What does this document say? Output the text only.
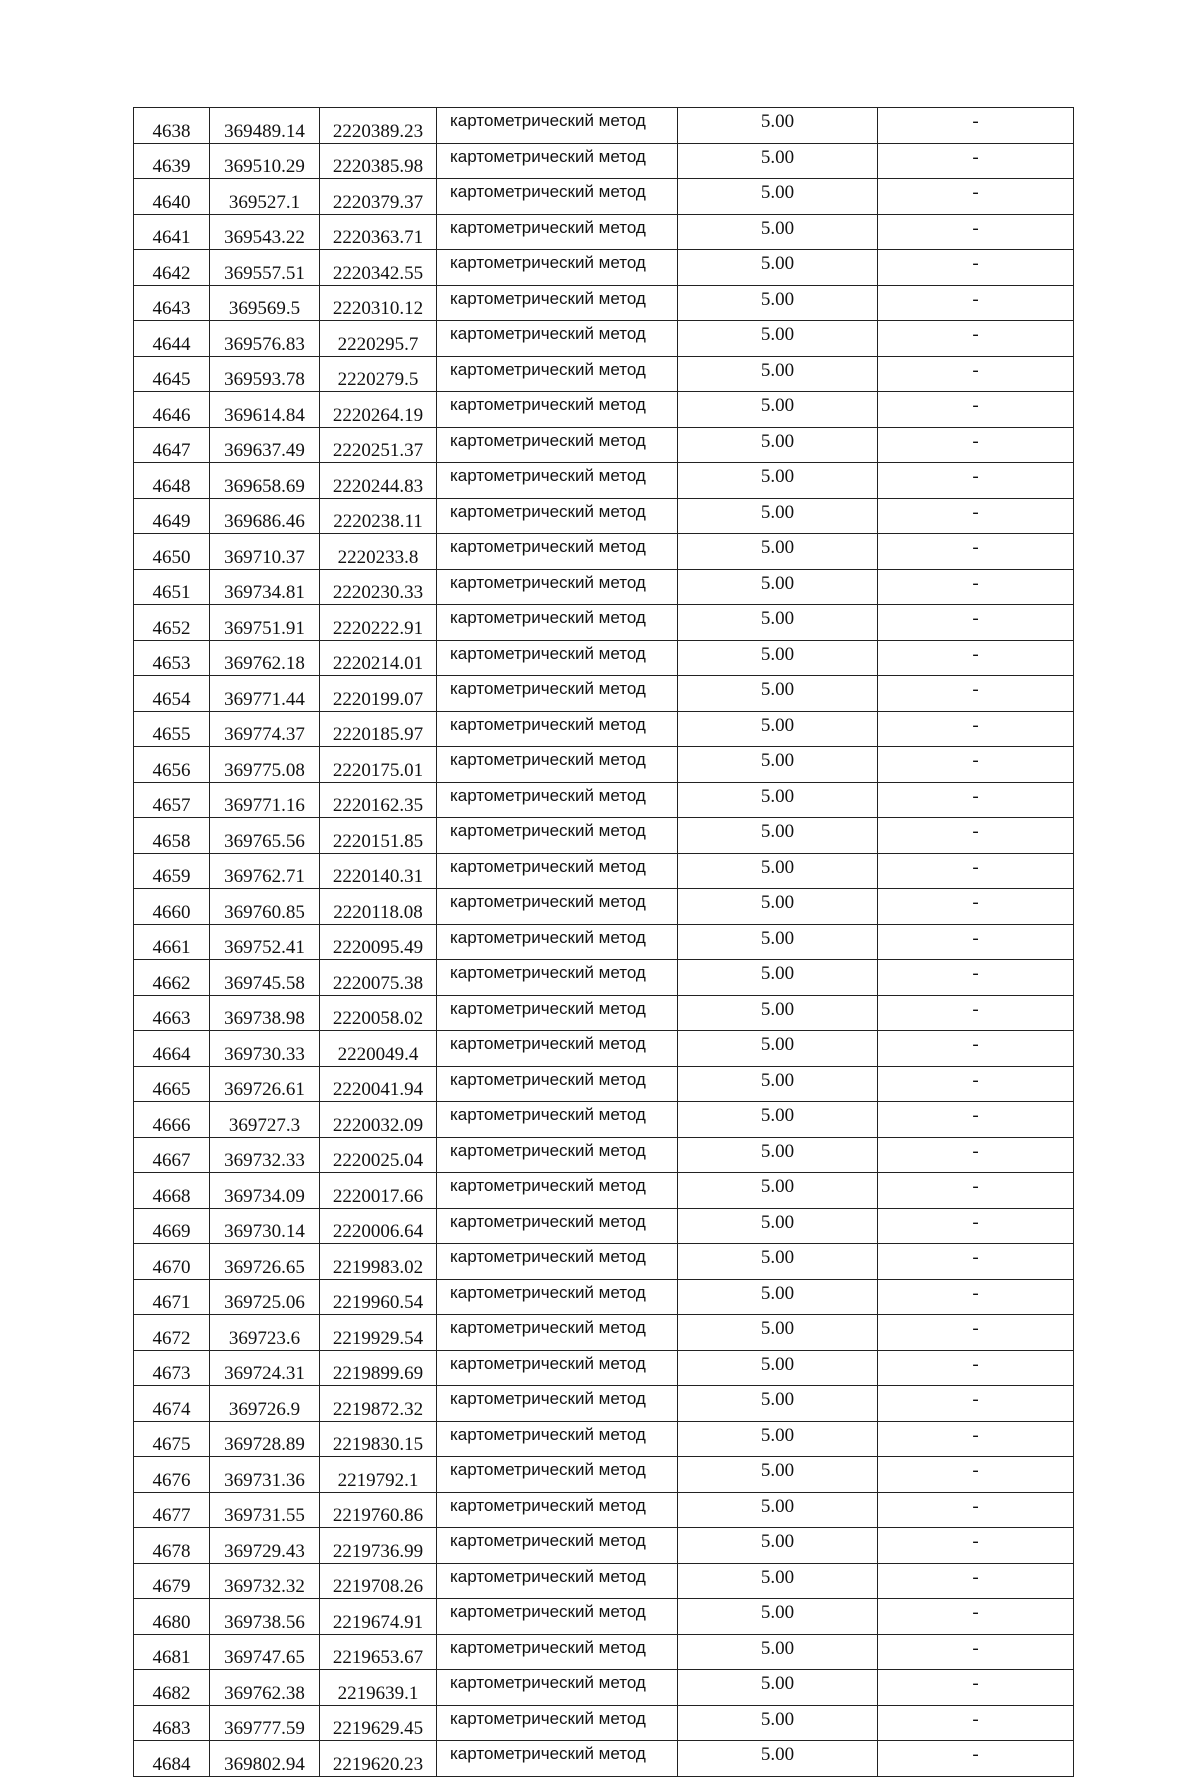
4638	369489.14	2220389.23	картометрический метод	5.00	-
4639	369510.29	2220385.98	картометрический метод	5.00	-
4640	369527.1	2220379.37	картометрический метод	5.00	-
4641	369543.22	2220363.71	картометрический метод	5.00	-
4642	369557.51	2220342.55	картометрический метод	5.00	-
4643	369569.5	2220310.12	картометрический метод	5.00	-
4644	369576.83	2220295.7	картометрический метод	5.00	-
4645	369593.78	2220279.5	картометрический метод	5.00	-
4646	369614.84	2220264.19	картометрический метод	5.00	-
4647	369637.49	2220251.37	картометрический метод	5.00	-
4648	369658.69	2220244.83	картометрический метод	5.00	-
4649	369686.46	2220238.11	картометрический метод	5.00	-
4650	369710.37	2220233.8	картометрический метод	5.00	-
4651	369734.81	2220230.33	картометрический метод	5.00	-
4652	369751.91	2220222.91	картометрический метод	5.00	-
4653	369762.18	2220214.01	картометрический метод	5.00	-
4654	369771.44	2220199.07	картометрический метод	5.00	-
4655	369774.37	2220185.97	картометрический метод	5.00	-
4656	369775.08	2220175.01	картометрический метод	5.00	-
4657	369771.16	2220162.35	картометрический метод	5.00	-
4658	369765.56	2220151.85	картометрический метод	5.00	-
4659	369762.71	2220140.31	картометрический метод	5.00	-
4660	369760.85	2220118.08	картометрический метод	5.00	-
4661	369752.41	2220095.49	картометрический метод	5.00	-
4662	369745.58	2220075.38	картометрический метод	5.00	-
4663	369738.98	2220058.02	картометрический метод	5.00	-
4664	369730.33	2220049.4	картометрический метод	5.00	-
4665	369726.61	2220041.94	картометрический метод	5.00	-
4666	369727.3	2220032.09	картометрический метод	5.00	-
4667	369732.33	2220025.04	картометрический метод	5.00	-
4668	369734.09	2220017.66	картометрический метод	5.00	-
4669	369730.14	2220006.64	картометрический метод	5.00	-
4670	369726.65	2219983.02	картометрический метод	5.00	-
4671	369725.06	2219960.54	картометрический метод	5.00	-
4672	369723.6	2219929.54	картометрический метод	5.00	-
4673	369724.31	2219899.69	картометрический метод	5.00	-
4674	369726.9	2219872.32	картометрический метод	5.00	-
4675	369728.89	2219830.15	картометрический метод	5.00	-
4676	369731.36	2219792.1	картометрический метод	5.00	-
4677	369731.55	2219760.86	картометрический метод	5.00	-
4678	369729.43	2219736.99	картометрический метод	5.00	-
4679	369732.32	2219708.26	картометрический метод	5.00	-
4680	369738.56	2219674.91	картометрический метод	5.00	-
4681	369747.65	2219653.67	картометрический метод	5.00	-
4682	369762.38	2219639.1	картометрический метод	5.00	-
4683	369777.59	2219629.45	картометрический метод	5.00	-
4684	369802.94	2219620.23	картометрический метод	5.00	-
